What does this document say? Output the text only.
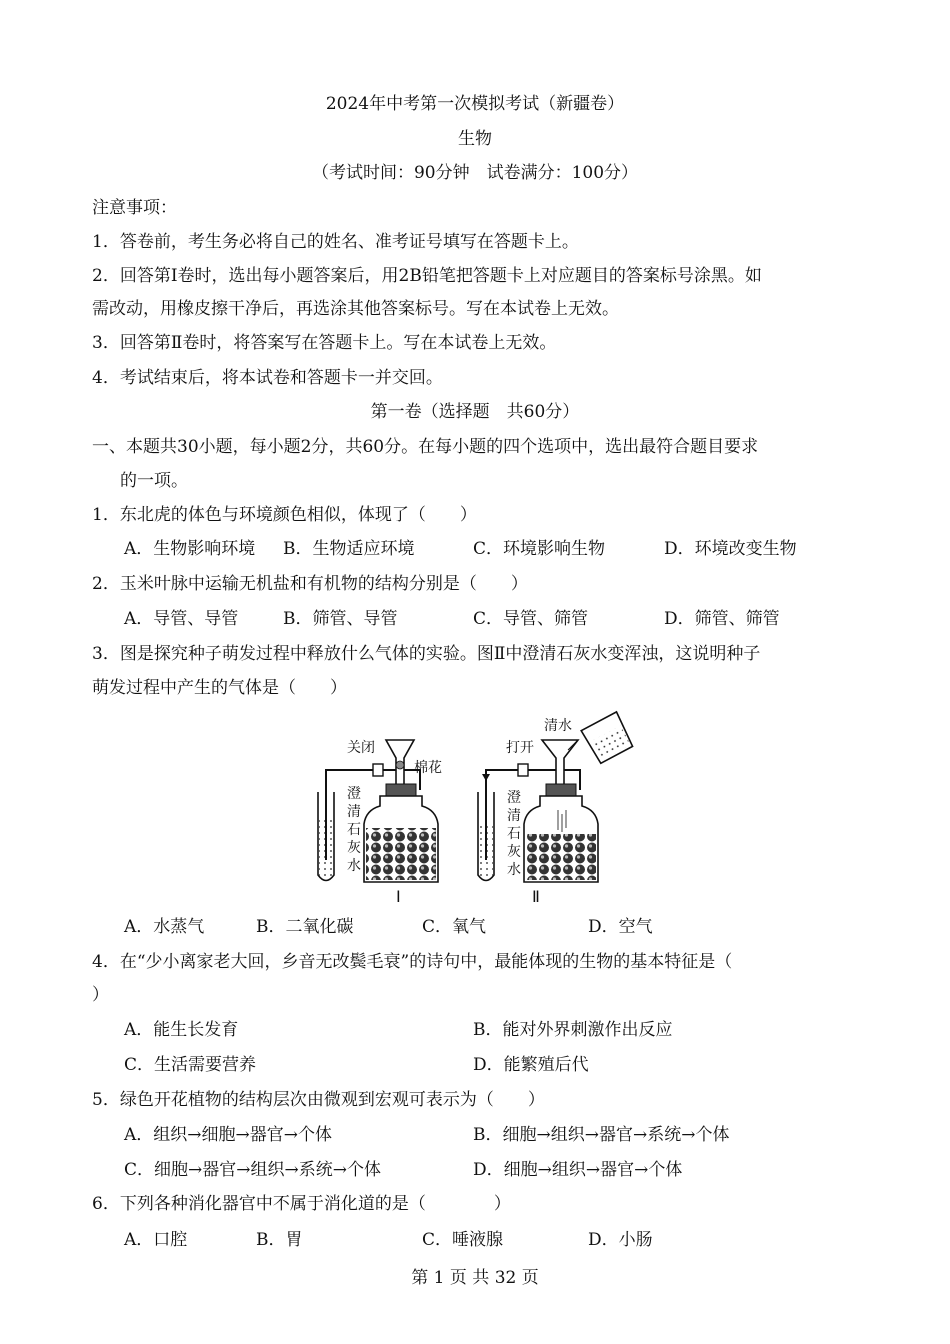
2024年中考第一次模拟考试（新疆卷）
生物
（考试时间：90分钟　试卷满分：100分）
注意事项：
1．答卷前，考生务必将自己的姓名、准考证号填写在答题卡上。
2．回答第Ⅰ卷时，选出每小题答案后，用2B铅笔把答题卡上对应题目的答案标号涂黑。如
需改动，用橡皮擦干净后，再选涂其他答案标号。写在本试卷上无效。
3．回答第Ⅱ卷时，将答案写在答题卡上。写在本试卷上无效。
4．考试结束后，将本试卷和答题卡一并交回。
第一卷（选择题　共60分）
一、本题共30小题，每小题2分，共60分。在每小题的四个选项中，选出最符合题目要求
的一项。
1．东北虎的体色与环境颜色相似，体现了（　　）
A．生物影响环境 B．生物适应环境	C．环境影响生物	D．环境改变生物
2．玉米叶脉中运输无机盐和有机物的结构分别是（　　）
A．导管、导管	B．筛管、导管	C．导管、筛管	D．筛管、筛管
3．图是探究种子萌发过程中释放什么气体的实验。图Ⅱ中澄清石灰水变浑浊，这说明种子
萌发过程中产生的气体是（　　）
关闭
棉花
澄
清
石
灰
水
Ⅰ
清水
打开
澄
清
石
灰
水
Ⅱ
A．水蒸气	B．二氧化碳	C．氧气	D．空气
4．在“少小离家老大回，乡音无改鬓毛衰”的诗句中，最能体现的生物的基本特征是（
）
A．能生长发育	B．能对外界刺激作出反应
C．生活需要营养	D．能繁殖后代
5．绿色开花植物的结构层次由微观到宏观可表示为（　　）
A．组织→细胞→器官→个体	B．细胞→组织→器官→系统→个体
C．细胞→器官→组织→系统→个体	D．细胞→组织→器官→个体
6．下列各种消化器官中不属于消化道的是（　　　　）
A．口腔	B．胃	C．唾液腺	D．小肠
第 1 页 共 32 页
